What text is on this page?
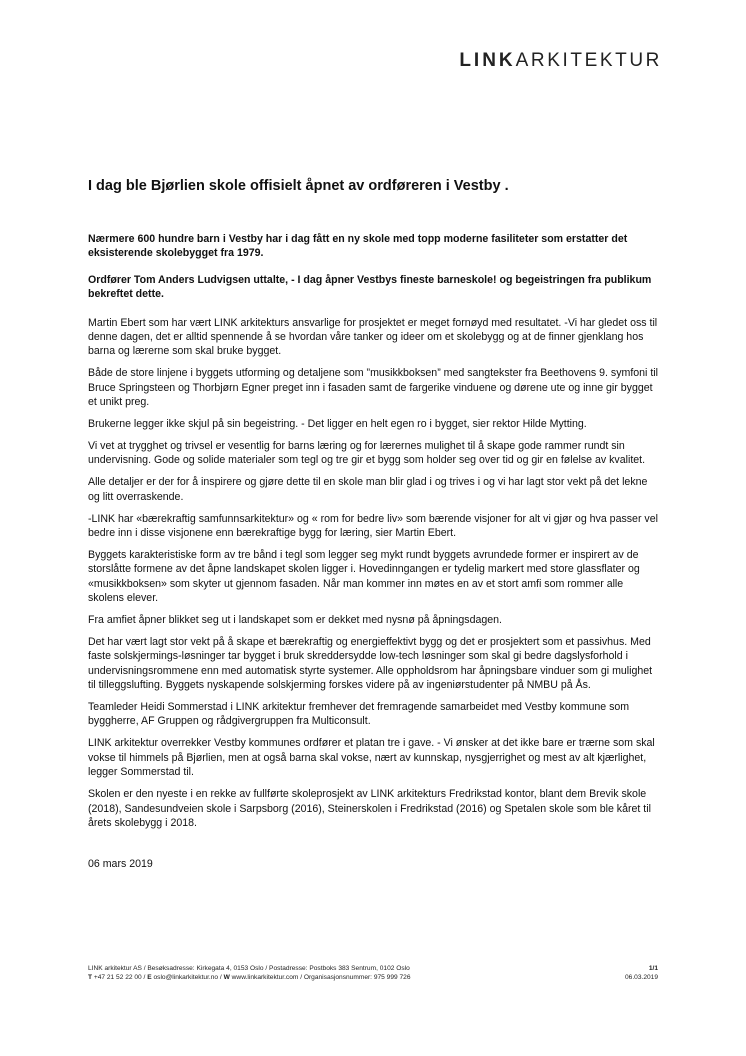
LINKARKITEKTUR
I dag ble Bjørlien skole offisielt åpnet av ordføreren i Vestby .

Nærmere 600 hundre barn i Vestby har i dag fått en ny skole med topp moderne fasiliteter som erstatter det eksisterende skolebygget fra 1979.

Ordfører Tom Anders Ludvigsen uttalte, - I dag åpner Vestbys fineste barneskole! og begeistringen fra publikum bekreftet dette.

Martin Ebert som har vært LINK arkitekturs ansvarlige for prosjektet er meget fornøyd med resultatet. -Vi har gledet oss til denne dagen, det er alltid spennende å se hvordan våre tanker og ideer om et skolebygg og at de finner gjenklang hos barna og lærerne som skal bruke bygget.

Både de store linjene i byggets utforming og detaljene som ”musikkboksen” med sangtekster fra Beethovens 9. symfoni til Bruce Springsteen og Thorbjørn Egner preget inn i fasaden samt de fargerike vinduene og dørene ute og inne gir bygget et unikt preg.

Brukerne legger ikke skjul på sin begeistring. - Det ligger en helt egen ro i bygget, sier rektor Hilde Mytting.

Vi vet at trygghet og trivsel er vesentlig for barns læring og for lærernes mulighet til å skape gode rammer rundt sin undervisning. Gode og solide materialer som tegl og tre gir et bygg som holder seg over tid og gir en følelse av kvalitet.

Alle detaljer er der for å inspirere og gjøre dette til en skole man blir glad i og trives i og vi har lagt stor vekt på det lekne og litt overraskende.

-LINK har «bærekraftig samfunnsarkitektur» og « rom for bedre liv» som bærende visjoner for alt vi gjør og hva passer vel bedre inn i disse visjonene enn bærekraftige bygg for læring, sier Martin Ebert.

Byggets karakteristiske form av tre bånd i tegl som legger seg mykt rundt byggets avrundede former er inspirert av de storslåtte formene av det åpne landskapet skolen ligger i. Hovedinngangen er tydelig markert med store glassflater og «musikkboksen» som skyter ut gjennom fasaden. Når man kommer inn møtes en av et stort amfi som rommer alle skolens elever.

Fra amfiet åpner blikket seg ut i landskapet som er dekket med nysnø på åpningsdagen.

Det har vært lagt stor vekt på å skape et bærekraftig og energieffektivt bygg og det er prosjektert som et passivhus. Med faste solskjermings-løsninger tar bygget i bruk skreddersydde low-tech løsninger som skal gi bedre dagslysforhold i undervisningsrommene enn med automatisk styrte systemer. Alle oppholdsrom har åpningsbare vinduer som gi mulighet til tilleggslufting. Byggets nyskapende solskjerming forskes videre på av ingeniørstudenter på NMBU på Ås.

Teamleder Heidi Sommerstad i LINK arkitektur fremhever det fremragende samarbeidet med Vestby kommune som byggherre, AF Gruppen og rådgivergruppen fra Multiconsult.

LINK arkitektur overrekker Vestby kommunes ordfører et platan tre i gave. - Vi ønsker at det ikke bare er trærne som skal vokse til himmels på Bjørlien, men at også barna skal vokse, nært av kunnskap, nysgjerrighet og mest av alt kjærlighet, legger Sommerstad til.

Skolen er den nyeste i en rekke av fullførte skoleprosjekt av LINK arkitekturs Fredrikstad kontor, blant dem Brevik skole (2018), Sandesundveien skole i Sarpsborg (2016), Steinerskolen i Fredrikstad (2016) og Spetalen skole som ble kåret til årets skolebygg i 2018.

06 mars 2019
LINK arkitektur AS / Besøksadresse: Kirkegata 4, 0153 Oslo / Postadresse: Postboks 383 Sentrum, 0102 Oslo
T +47 21 52 22 00 / E oslo@linkarkitektur.no / W www.linkarkitektur.com / Organisasjonsnummer: 975 999 726
1/1
06.03.2019
